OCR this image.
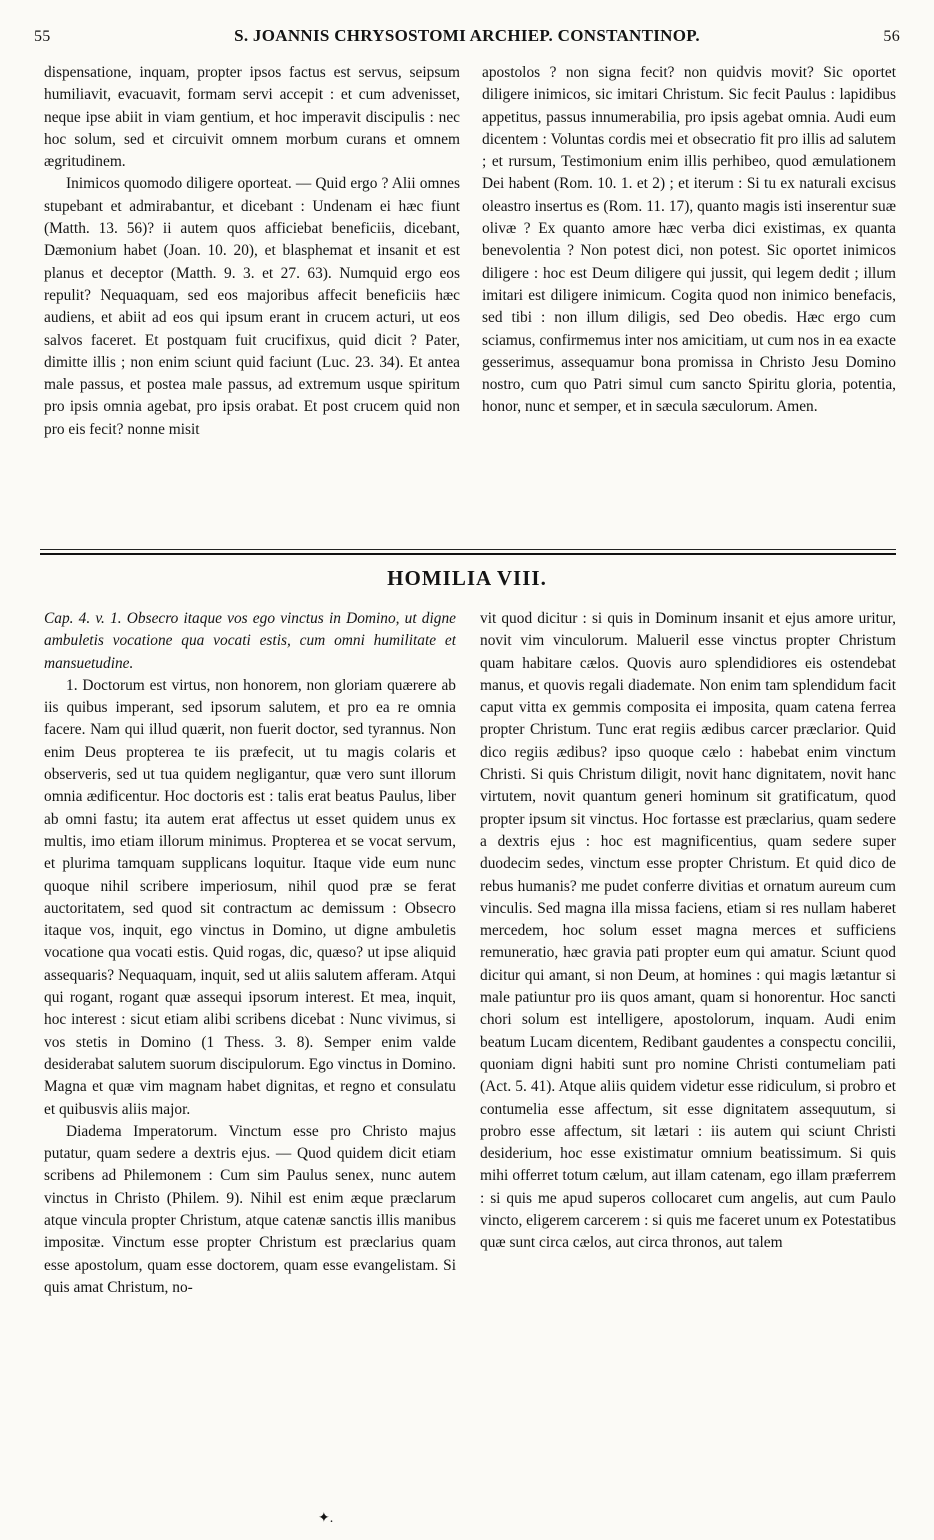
55	S. JOANNIS CHRYSOSTOMI ARCHIEP. CONSTANTINOP.	56

dispensatione, inquam, propter ipsos factus est servus, seipsum humiliavit, evacuavit, formam servi accepit : et cum advenisset, neque ipse abiit in viam gentium, et hoc imperavit discipulis : nec hoc solum, sed et circuivit omnem morbum curans et omnem ægritudinem.

Inimicos quomodo diligere oporteat. — Quid ergo ? Alii omnes stupebant et admirabantur, et dicebant : Undenam ei hæc fiunt (Matth. 13. 56)? ii autem quos afficiebat beneficiis, dicebant, Dæmonium habet (Joan. 10. 20), et blasphemat et insanit et est planus et deceptor (Matth. 9. 3. et 27. 63). Numquid ergo eos repulit? Nequaquam, sed eos majoribus affecit beneficiis hæc audiens, et abiit ad eos qui ipsum erant in crucem acturi, ut eos salvos faceret. Et postquam fuit crucifixus, quid dicit ? Pater, dimitte illis ; non enim sciunt quid faciunt (Luc. 23. 34). Et antea male passus, et postea male passus, ad extremum usque spiritum pro ipsis omnia agebat, pro ipsis orabat. Et post crucem quid non pro eis fecit? nonne misit

apostolos ? non signa fecit? non quidvis movit? Sic oportet diligere inimicos, sic imitari Christum. Sic fecit Paulus : lapidibus appetitus, passus innumerabilia, pro ipsis agebat omnia. Audi eum dicentem : Voluntas cordis mei et obsecratio fit pro illis ad salutem ; et rursum, Testimonium enim illis perhibeo, quod æmulationem Dei habent (Rom. 10. 1. et 2) ; et iterum : Si tu ex naturali excisus oleastro insertus es (Rom. 11. 17), quanto magis isti inserentur suæ olivæ ? Ex quanto amore hæc verba dici existimas, ex quanta benevolentia ? Non potest dici, non potest. Sic oportet inimicos diligere : hoc est Deum diligere qui jussit, qui legem dedit ; illum imitari est diligere inimicum. Cogita quod non inimico benefacis, sed tibi : non illum diligis, sed Deo obedis. Hæc ergo cum sciamus, confirmemus inter nos amicitiam, ut cum nos in ea exacte gesserimus, assequamur bona promissa in Christo Jesu Domino nostro, cum quo Patri simul cum sancto Spiritu gloria, potentia, honor, nunc et semper, et in sæcula sæculorum. Amen.

HOMILIA VIII.

Cap. 4. v. 1. Obsecro itaque vos ego vinctus in Domino, ut digne ambuletis vocatione qua vocati estis, cum omni humilitate et mansuetudine.

1. Doctorum est virtus, non honorem, non gloriam quærere ab iis quibus imperant, sed ipsorum salutem, et pro ea re omnia facere. Nam qui illud quærit, non fuerit doctor, sed tyrannus. Non enim Deus propterea te iis præfecit, ut tu magis colaris et observeris, sed ut tua quidem negligantur, quæ vero sunt illorum omnia ædificentur. Hoc doctoris est : talis erat beatus Paulus, liber ab omni fastu; ita autem erat affectus ut esset quidem unus ex multis, imo etiam illorum minimus. Propterea et se vocat servum, et plurima tamquam supplicans loquitur. Itaque vide eum nunc quoque nihil scribere imperiosum, nihil quod præ se ferat auctoritatem, sed quod sit contractum ac demissum : Obsecro itaque vos, inquit, ego vinctus in Domino, ut digne ambuletis vocatione qua vocati estis. Quid rogas, dic, quæso? ut ipse aliquid assequaris? Nequaquam, inquit, sed ut aliis salutem afferam. Atqui qui rogant, rogant quæ assequi ipsorum interest. Et mea, inquit, hoc interest : sicut etiam alibi scribens dicebat : Nunc vivimus, si vos stetis in Domino (1 Thess. 3. 8). Semper enim valde desiderabat salutem suorum discipulorum. Ego vinctus in Domino. Magna et quæ vim magnam habet dignitas, et regno et consulatu et quibusvis aliis major.

Diadema Imperatorum. Vinctum esse pro Christo majus putatur, quam sedere a dextris ejus. — Quod quidem dicit etiam scribens ad Philemonem : Cum sim Paulus senex, nunc autem vinctus in Christo (Philem. 9). Nihil est enim æque præclarum atque vincula propter Christum, atque catenæ sanctis illis manibus impositæ. Vinctum esse propter Christum est præclarius quam esse apostolum, quam esse doctorem, quam esse evangelistam. Si quis amat Christum, no-

vit quod dicitur : si quis in Dominum insanit et ejus amore uritur, novit vim vinculorum. Malueril esse vinctus propter Christum quam habitare cælos. Quovis auro splendidiores eis ostendebat manus, et quovis regali diademate. Non enim tam splendidum facit caput vitta ex gemmis composita ei imposita, quam catena ferrea propter Christum. Tunc erat regiis ædibus carcer præclarior. Quid dico regiis ædibus? ipso quoque cælo : habebat enim vinctum Christi. Si quis Christum diligit, novit hanc dignitatem, novit hanc virtutem, novit quantum generi hominum sit gratificatum, quod propter ipsum sit vinctus. Hoc fortasse est præclarius, quam sedere a dextris ejus : hoc est magnificentius, quam sedere super duodecim sedes, vinctum esse propter Christum. Et quid dico de rebus humanis? me pudet conferre divitias et ornatum aureum cum vinculis. Sed magna illa missa faciens, etiam si res nullam haberet mercedem, hoc solum esset magna merces et sufficiens remuneratio, hæc gravia pati propter eum qui amatur. Sciunt quod dicitur qui amant, si non Deum, at homines : qui magis lætantur si male patiuntur pro iis quos amant, quam si honorentur. Hoc sancti chori solum est intelligere, apostolorum, inquam. Audi enim beatum Lucam dicentem, Redibant gaudentes a conspectu concilii, quoniam digni habiti sunt pro nomine Christi contumeliam pati (Act. 5. 41). Atque aliis quidem videtur esse ridiculum, si probro et contumelia esse affectum, sit esse dignitatem assequutum, si probro esse affectum, sit lætari : iis autem qui sciunt Christi desiderium, hoc esse existimatur omnium beatissimum. Si quis mihi offerret totum cælum, aut illam catenam, ego illam præferrem : si quis me apud superos collocaret cum angelis, aut cum Paulo vincto, eligerem carcerem : si quis me faceret unum ex Potestatibus quæ sunt circa cælos, aut circa thronos, aut talem

✦.
